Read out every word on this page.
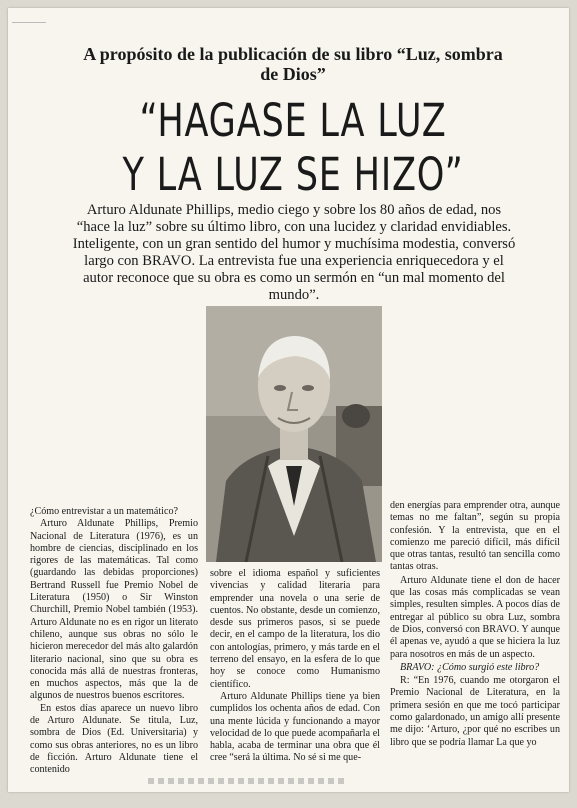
A propósito de la publicación de su libro “Luz, sombra de Dios”
“HAGASE LA LUZ
Y LA LUZ SE HIZO”
Arturo Aldunate Phillips, medio ciego y sobre los 80 años de edad, nos “hace la luz” sobre su último libro, con una lucidez y claridad envidiables. Inteligente, con un gran sentido del humor y muchísima modestia, conversó largo con BRAVO. La entrevista fue una experiencia enriquecedora y el autor reconoce que su obra es como un sermón en “un mal momento del mundo”.

¿Cómo entrevistar a un matemático?

Arturo Aldunate Phillips, Premio Nacional de Literatura (1976), es un hombre de ciencias, disciplinado en los rigores de las matemáticas. Tal como (guardando las debidas proporciones) Bertrand Russell fue Premio Nobel de Literatura (1950) o Sir Winston Churchill, Premio Nobel también (1953). Arturo Aldunate no es en rigor un literato chileno, aunque sus obras no sólo le hicieron merecedor del más alto galardón literario nacional, sino que su obra es conocida más allá de nuestras fronteras, en muchos aspectos, más que la de algunos de nuestros buenos escritores.

En estos días aparece un nuevo libro de Arturo Aldunate. Se titula, Luz, sombra de Dios (Ed. Universitaria) y como sus obras anteriores, no es un libro de ficción. Arturo Aldunate tiene el contenido

sobre el idioma español y suficientes vivencias y calidad literaria para emprender una novela o una serie de cuentos. No obstante, desde un comienzo, desde sus primeros pasos, si se puede decir, en el campo de la literatura, los dio con antologías, primero, y más tarde en el terreno del ensayo, en la esfera de lo que hoy se conoce como Humanismo científico.

Arturo Aldunate Phillips tiene ya bien cumplidos los ochenta años de edad. Con una mente lúcida y funcionando a mayor velocidad de lo que puede acompañarla el habla, acaba de terminar una obra que él cree “será la última. No sé si me que-

den energías para emprender otra, aunque temas no me faltan”, según su propia confesión. Y la entrevista, que en el comienzo me pareció difícil, más difícil que otras tantas, resultó tan sencilla como tantas otras.

Arturo Aldunate tiene el don de hacer que las cosas más complicadas se vean simples, resulten simples. A pocos días de entregar al público su obra Luz, sombra de Dios, conversó con BRAVO. Y aunque él apenas ve, ayudó a que se hiciera la luz para nosotros en más de un aspecto.

BRAVO: ¿Cómo surgió este libro?

R: “En 1976, cuando me otorgaron el Premio Nacional de Literatura, en la primera sesión en que me tocó participar como galardonado, un amigo allí presente me dijo: ‘Arturo, ¿por qué no escribes un libro que se podría llamar La que yo
